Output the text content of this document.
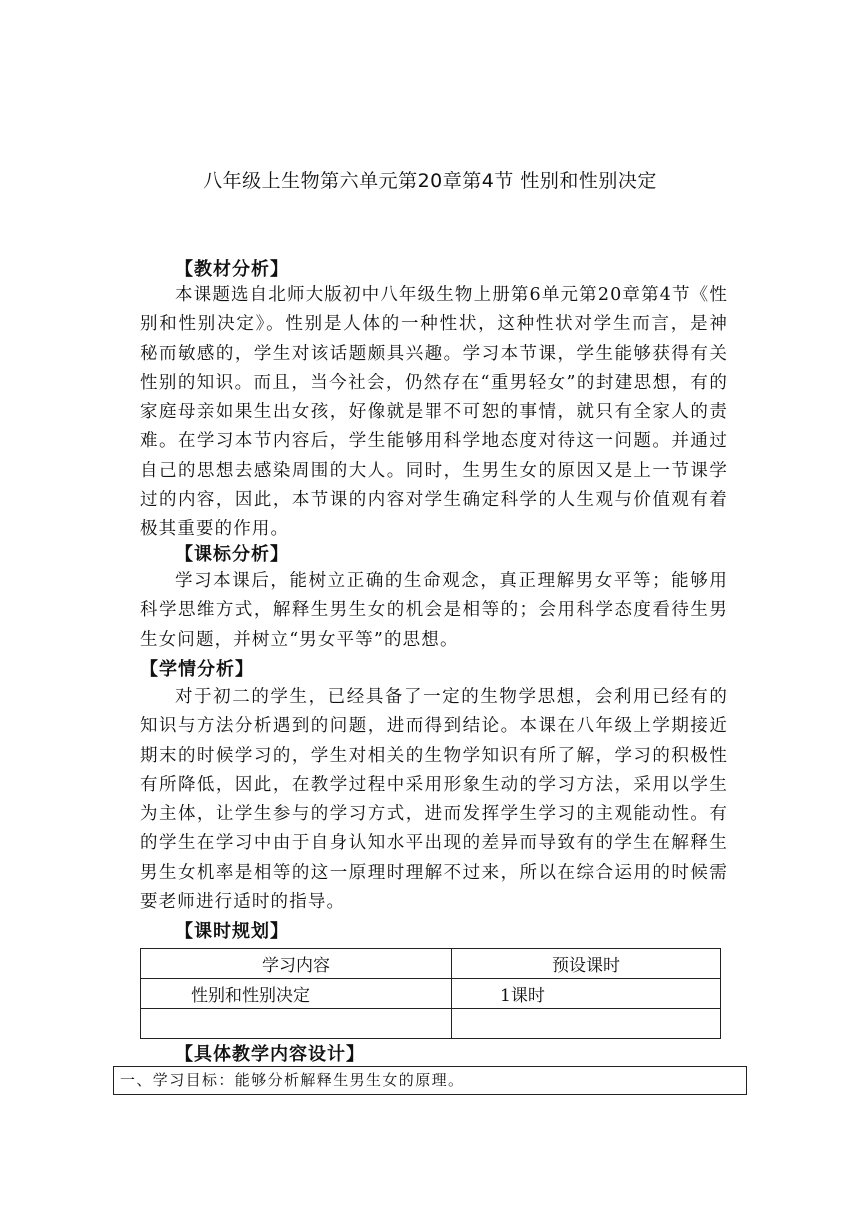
八年级上生物第六单元第20章第4节 性别和性别决定
【教材分析】
本课题选自北师大版初中八年级生物上册第6单元第20章第4节《性别和性别决定》。性别是人体的一种性状，这种性状对学生而言，是神秘而敏感的，学生对该话题颇具兴趣。学习本节课，学生能够获得有关性别的知识。而且，当今社会，仍然存在“重男轻女”的封建思想，有的家庭母亲如果生出女孩，好像就是罪不可恕的事情，就只有全家人的责难。在学习本节内容后，学生能够用科学地态度对待这一问题。并通过自己的思想去感染周围的大人。同时，生男生女的原因又是上一节课学过的内容，因此，本节课的内容对学生确定科学的人生观与价值观有着极其重要的作用。
【课标分析】
学习本课后，能树立正确的生命观念，真正理解男女平等；能够用科学思维方式，解释生男生女的机会是相等的；会用科学态度看待生男生女问题，并树立“男女平等”的思想。
【学情分析】
对于初二的学生，已经具备了一定的生物学思想，会利用已经有的知识与方法分析遇到的问题，进而得到结论。本课在八年级上学期接近期末的时候学习的，学生对相关的生物学知识有所了解，学习的积极性有所降低，因此，在教学过程中采用形象生动的学习方法，采用以学生为主体，让学生参与的学习方式，进而发挥学生学习的主观能动性。有的学生在学习中由于自身认知水平出现的差异而导致有的学生在解释生男生女机率是相等的这一原理时理解不过来，所以在综合运用的时候需要老师进行适时的指导。
【课时规划】
学习内容	预设课时
性别和性别决定	1课时

【具体教学内容设计】
一、学习目标：能够分析解释生男生女的原理。
